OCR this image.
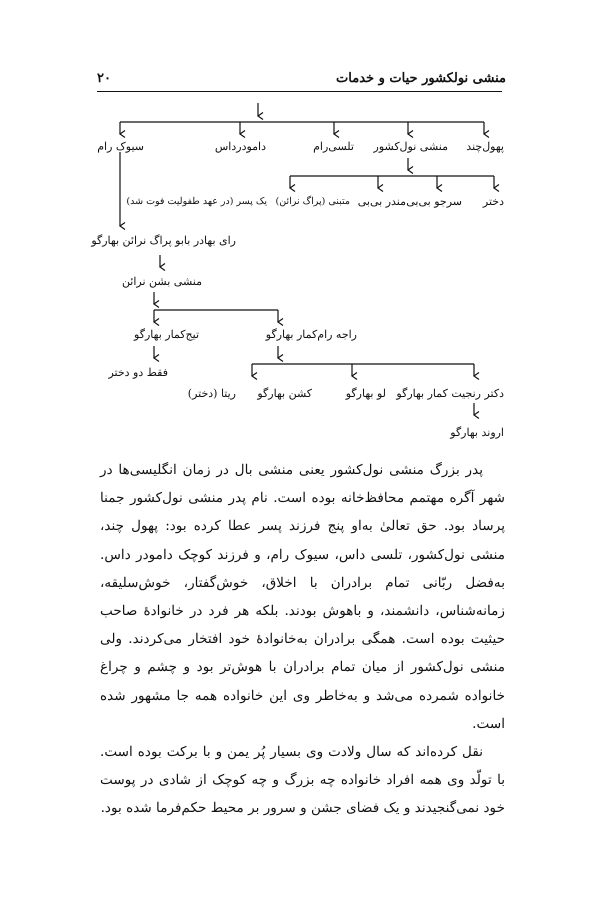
منشی نولکشور حیات و خدمات
۲۰
پهول‌چند
منشی نول‌کشور
تلسی‌رام
دامودرداس
سیوک رام
دختر
سرجو بی‌بی
مندر بی‌بی
متبنی (پراگ نرائن)
یک پسر (در عهد طفولیت فوت شد)
رای بهادر بابو پراگ نرائن بهارگو
منشی بشن نرائن
راجه رام‌کمار بهارگو
تیج‌کمار بهارگو
فقط دو دختر
دکتر رنجیت کمار بهارگو
لو بهارگو
کشن بهارگو
ریتا (دختر)
اروند بهارگو

پدر بزرگ منشی نول‌کشور یعنی منشی بال در زمان انگلیسی‌ها در شهر آگره مهتمم محافظ‌خانه بوده است. نام پدر منشی نول‌کشور جمنا پرساد بود. حق تعالیٰ به‌او پنج فرزند پسر عطا کرده بود: پهول چند، منشی نول‌کشور، تلسی داس، سیوک رام، و فرزند کوچک دامودر داس. به‌فضل ربّانی تمام برادران با اخلاق، خوش‌گفتار، خوش‌سلیقه، زمانه‌شناس، دانشمند، و باهوش بودند. بلکه هر فرد در خانوادهٔ صاحب حیثیت بوده است. همگی برادران به‌خانوادهٔ خود افتخار می‌کردند. ولی منشی نول‌کشور از میان تمام برادران با هوش‌تر بود و چشم و چراغ خانواده شمرده می‌شد و به‌خاطر وی این خانواده همه جا مشهور شده است.

نقل کرده‌اند که سال ولادت وی بسیار پُر یمن و با برکت بوده است. با تولّد وی همه افراد خانواده چه بزرگ و چه کوچک از شادی در پوست خود نمی‌گنجیدند و یک فضای جشن و سرور بر محیط حکم‌فرما شده بود.
